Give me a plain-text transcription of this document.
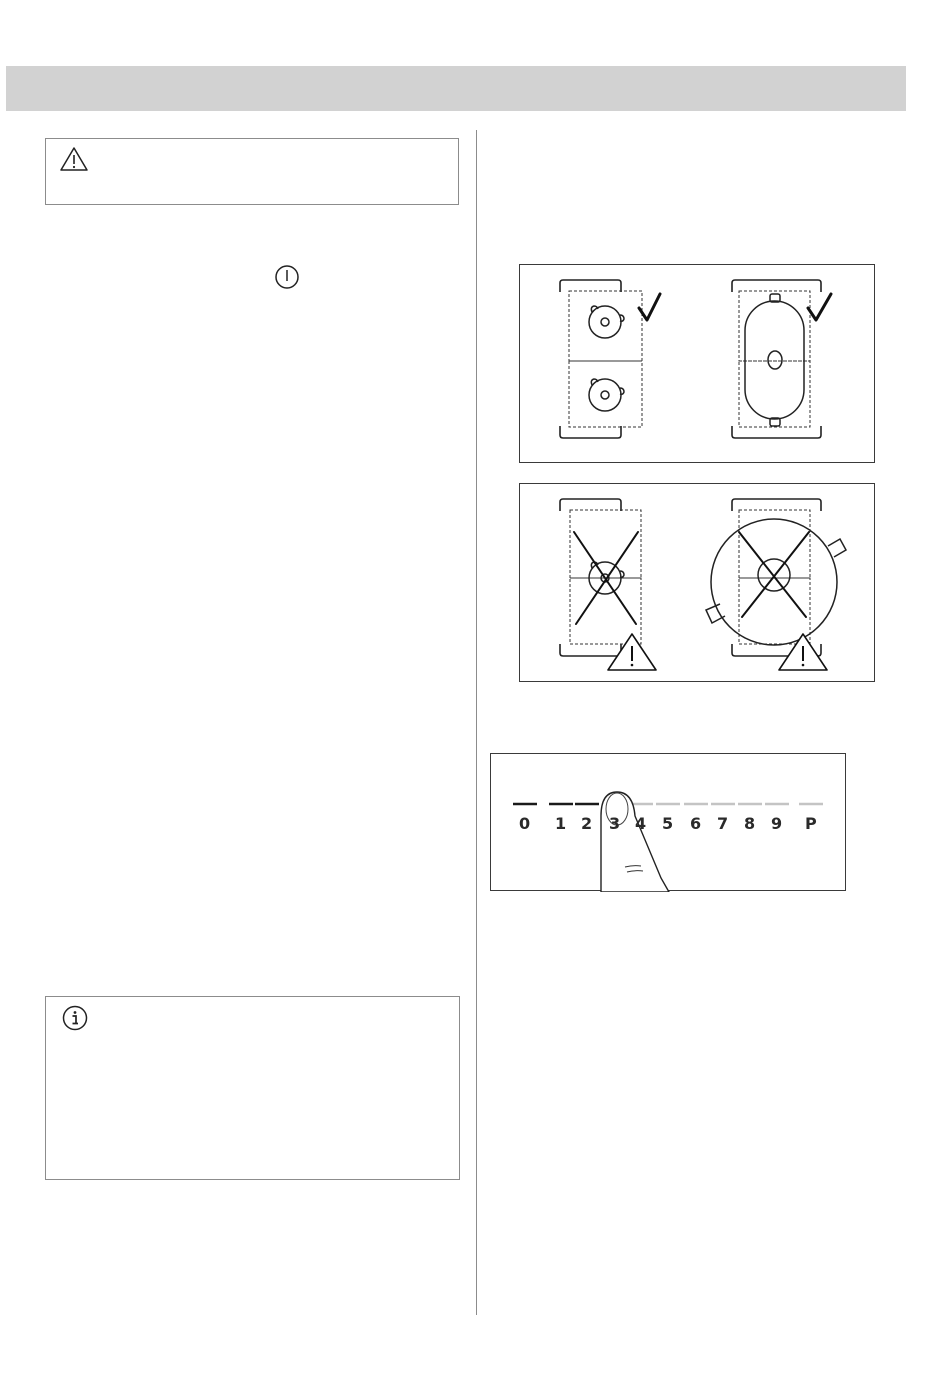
0 1 2 3 4 5 6 7 8 9 P
